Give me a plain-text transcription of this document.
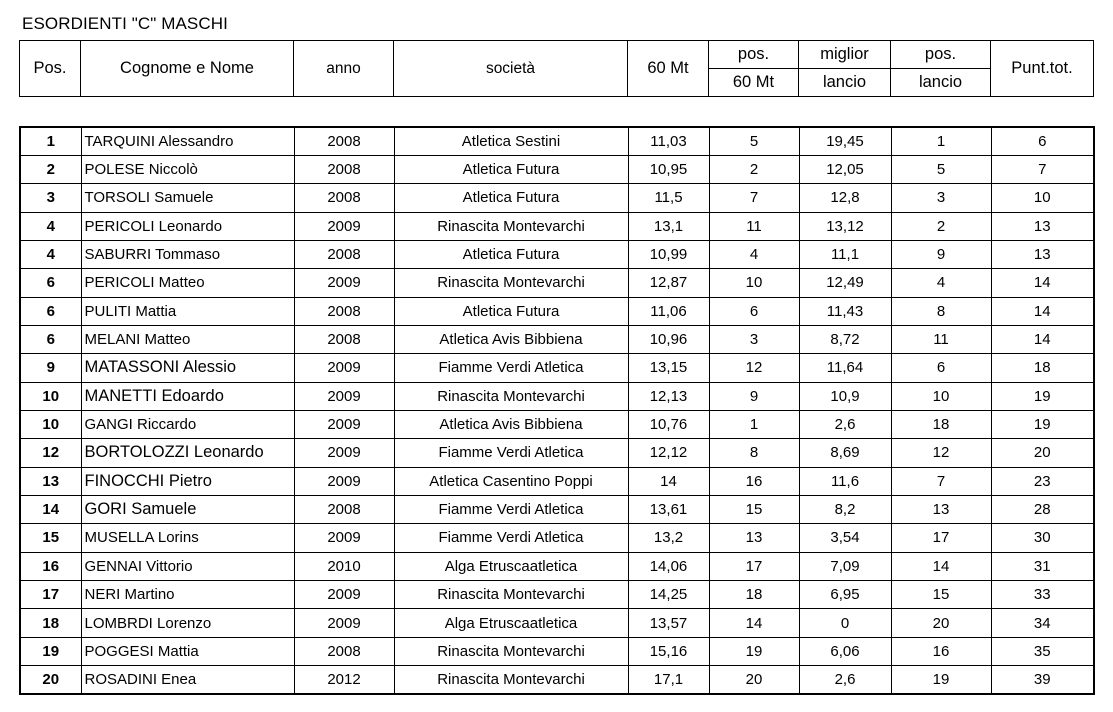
ESORDIENTI "C" MASCHI
Pos.	Cognome e Nome	anno	società	60 Mt	pos.	miglior	pos.	Punt.tot.
					60 Mt	lancio	lancio	
1	TARQUINI Alessandro	2008	Atletica Sestini	11,03	5	19,45	1	6
2	POLESE Niccolò	2008	Atletica Futura	10,95	2	12,05	5	7
3	TORSOLI Samuele	2008	Atletica Futura	11,5	7	12,8	3	10
4	PERICOLI Leonardo	2009	Rinascita Montevarchi	13,1	11	13,12	2	13
4	SABURRI Tommaso	2008	Atletica Futura	10,99	4	11,1	9	13
6	PERICOLI Matteo	2009	Rinascita Montevarchi	12,87	10	12,49	4	14
6	PULITI Mattia	2008	Atletica Futura	11,06	6	11,43	8	14
6	MELANI Matteo	2008	Atletica Avis Bibbiena	10,96	3	8,72	11	14
9	MATASSONI Alessio	2009	Fiamme Verdi Atletica	13,15	12	11,64	6	18
10	MANETTI Edoardo	2009	Rinascita Montevarchi	12,13	9	10,9	10	19
10	GANGI Riccardo	2009	Atletica Avis Bibbiena	10,76	1	2,6	18	19
12	BORTOLOZZI Leonardo	2009	Fiamme Verdi Atletica	12,12	8	8,69	12	20
13	FINOCCHI Pietro	2009	Atletica Casentino Poppi	14	16	11,6	7	23
14	GORI Samuele	2008	Fiamme Verdi Atletica	13,61	15	8,2	13	28
15	MUSELLA Lorins	2009	Fiamme Verdi Atletica	13,2	13	3,54	17	30
16	GENNAI Vittorio	2010	Alga Etruscaatletica	14,06	17	7,09	14	31
17	NERI Martino	2009	Rinascita Montevarchi	14,25	18	6,95	15	33
18	LOMBRDI Lorenzo	2009	Alga Etruscaatletica	13,57	14	0	20	34
19	POGGESI Mattia	2008	Rinascita Montevarchi	15,16	19	6,06	16	35
20	ROSADINI Enea	2012	Rinascita Montevarchi	17,1	20	2,6	19	39
